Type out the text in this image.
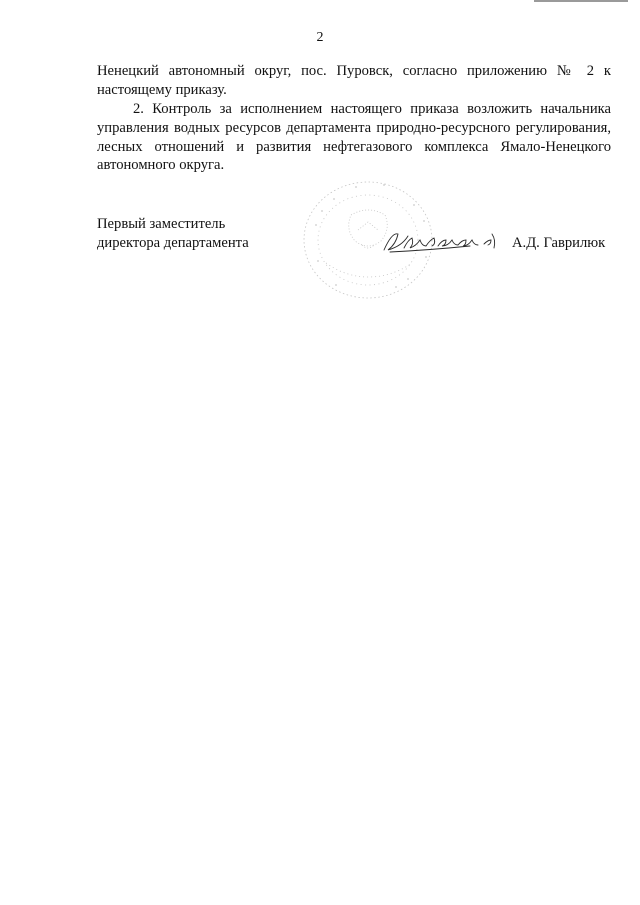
2

Ненецкий автономный округ, пос. Пуровск, согласно приложению № 2 к

настоящему приказу.

2. Контроль за исполнением настоящего приказа возложить начальника

управления водных ресурсов департамента природно-ресурсного регулирования,

лесных отношений и развития нефтегазового комплекса Ямало-Ненецкого

автономного округа.

Первый заместитель
директора департамента	А.Д. Гаврилюк
